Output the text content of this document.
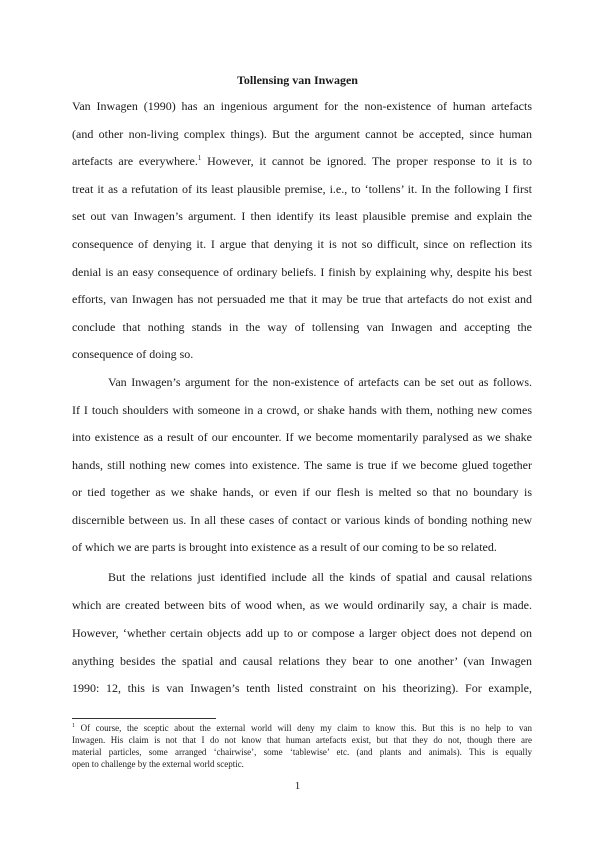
Tollensing van Inwagen
Van Inwagen (1990) has an ingenious argument for the non-existence of human artefacts
(and other non-living complex things). But the argument cannot be accepted, since human
artefacts are everywhere.$^1$ However, it cannot be ignored. The proper response to it is to
treat it as a refutation of its least plausible premise, i.e., to ‘tollens’ it. In the following I first
set out van Inwagen’s argument. I then identify its least plausible premise and explain the
consequence of denying it. I argue that denying it is not so difficult, since on reflection its
denial is an easy consequence of ordinary beliefs. I finish by explaining why, despite his best
efforts, van Inwagen has not persuaded me that it may be true that artefacts do not exist and
conclude that nothing stands in the way of tollensing van Inwagen and accepting the
consequence of doing so.
Van Inwagen’s argument for the non-existence of artefacts can be set out as follows.
If I touch shoulders with someone in a crowd, or shake hands with them, nothing new comes
into existence as a result of our encounter. If we become momentarily paralysed as we shake
hands, still nothing new comes into existence. The same is true if we become glued together
or tied together as we shake hands, or even if our flesh is melted so that no boundary is
discernible between us. In all these cases of contact or various kinds of bonding nothing new
of which we are parts is brought into existence as a result of our coming to be so related.
But the relations just identified include all the kinds of spatial and causal relations
which are created between bits of wood when, as we would ordinarily say, a chair is made.
However, ‘whether certain objects add up to or compose a larger object does not depend on
anything besides the spatial and causal relations they bear to one another’ (van Inwagen
1990: 12, this is van Inwagen’s tenth listed constraint on his theorizing). For example,
$^1$ Of course, the sceptic about the external world will deny my claim to know this. But this is no help to van
Inwagen. His claim is not that I do not know that human artefacts exist, but that they do not, though there are
material particles, some arranged ‘chairwise’, some ‘tablewise’ etc. (and plants and animals). This is equally
open to challenge by the external world sceptic.
1
